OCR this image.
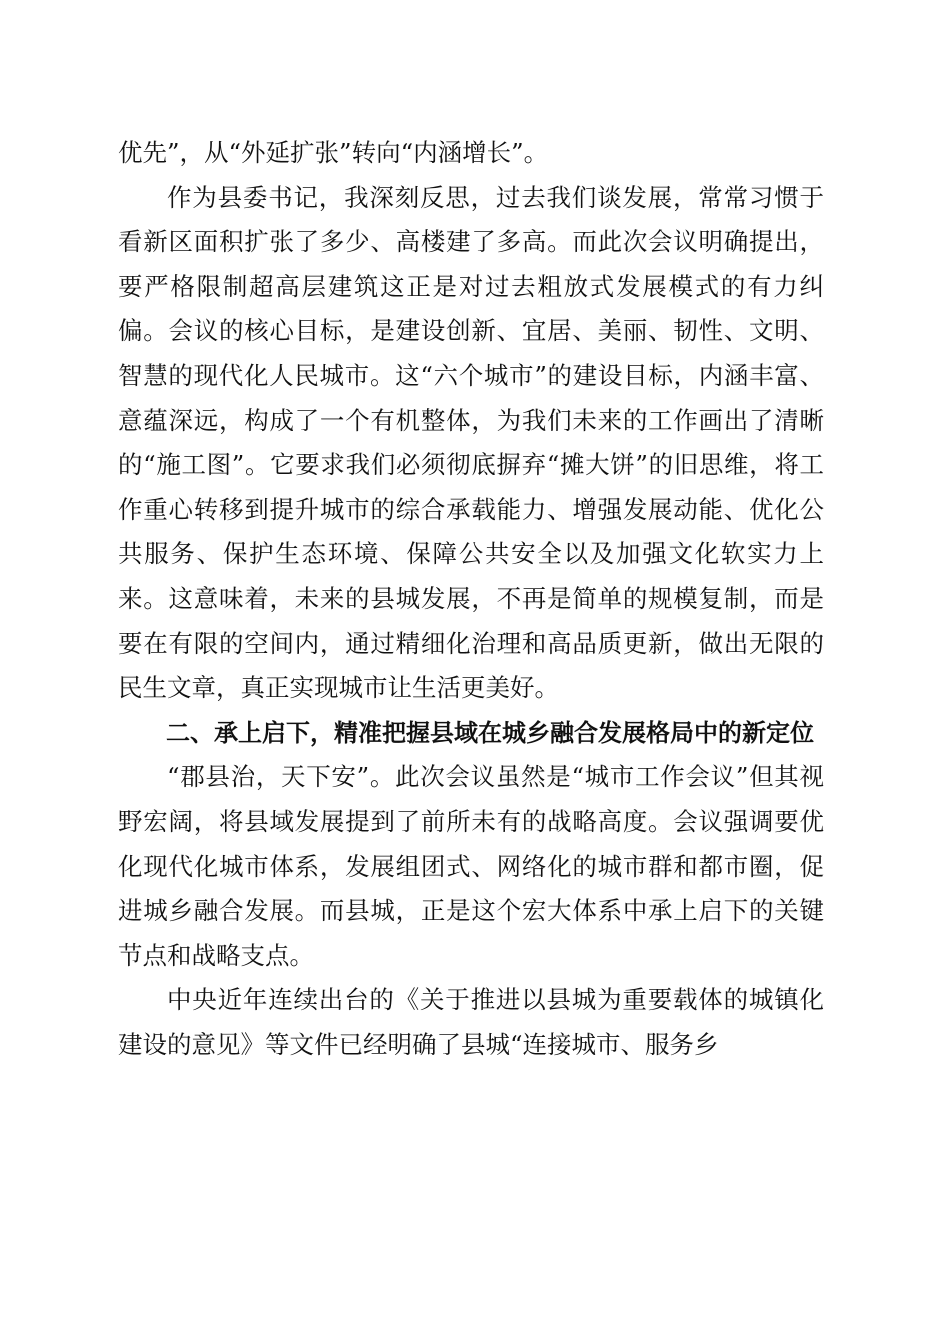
优先”，从“外延扩张”转向“内涵增长”。

作为县委书记，我深刻反思，过去我们谈发展，常常习惯于看新区面积扩张了多少、高楼建了多高。而此次会议明确提出，要严格限制超高层建筑这正是对过去粗放式发展模式的有力纠偏。会议的核心目标，是建设创新、宜居、美丽、韧性、文明、智慧的现代化人民城市。这“六个城市”的建设目标，内涵丰富、意蕴深远，构成了一个有机整体，为我们未来的工作画出了清晰的“施工图”。它要求我们必须彻底摒弃“摊大饼”的旧思维，将工作重心转移到提升城市的综合承载能力、增强发展动能、优化公共服务、保护生态环境、保障公共安全以及加强文化软实力上来。这意味着，未来的县城发展，不再是简单的规模复制，而是要在有限的空间内，通过精细化治理和高品质更新，做出无限的民生文章，真正实现城市让生活更美好。

二、承上启下，精准把握县域在城乡融合发展格局中的新定位

“郡县治，天下安”。此次会议虽然是“城市工作会议”但其视野宏阔，将县域发展提到了前所未有的战略高度。会议强调要优化现代化城市体系，发展组团式、网络化的城市群和都市圈，促进城乡融合发展。而县城，正是这个宏大体系中承上启下的关键节点和战略支点。

中央近年连续出台的《关于推进以县城为重要载体的城镇化建设的意见》等文件已经明确了县城“连接城市、服务乡
